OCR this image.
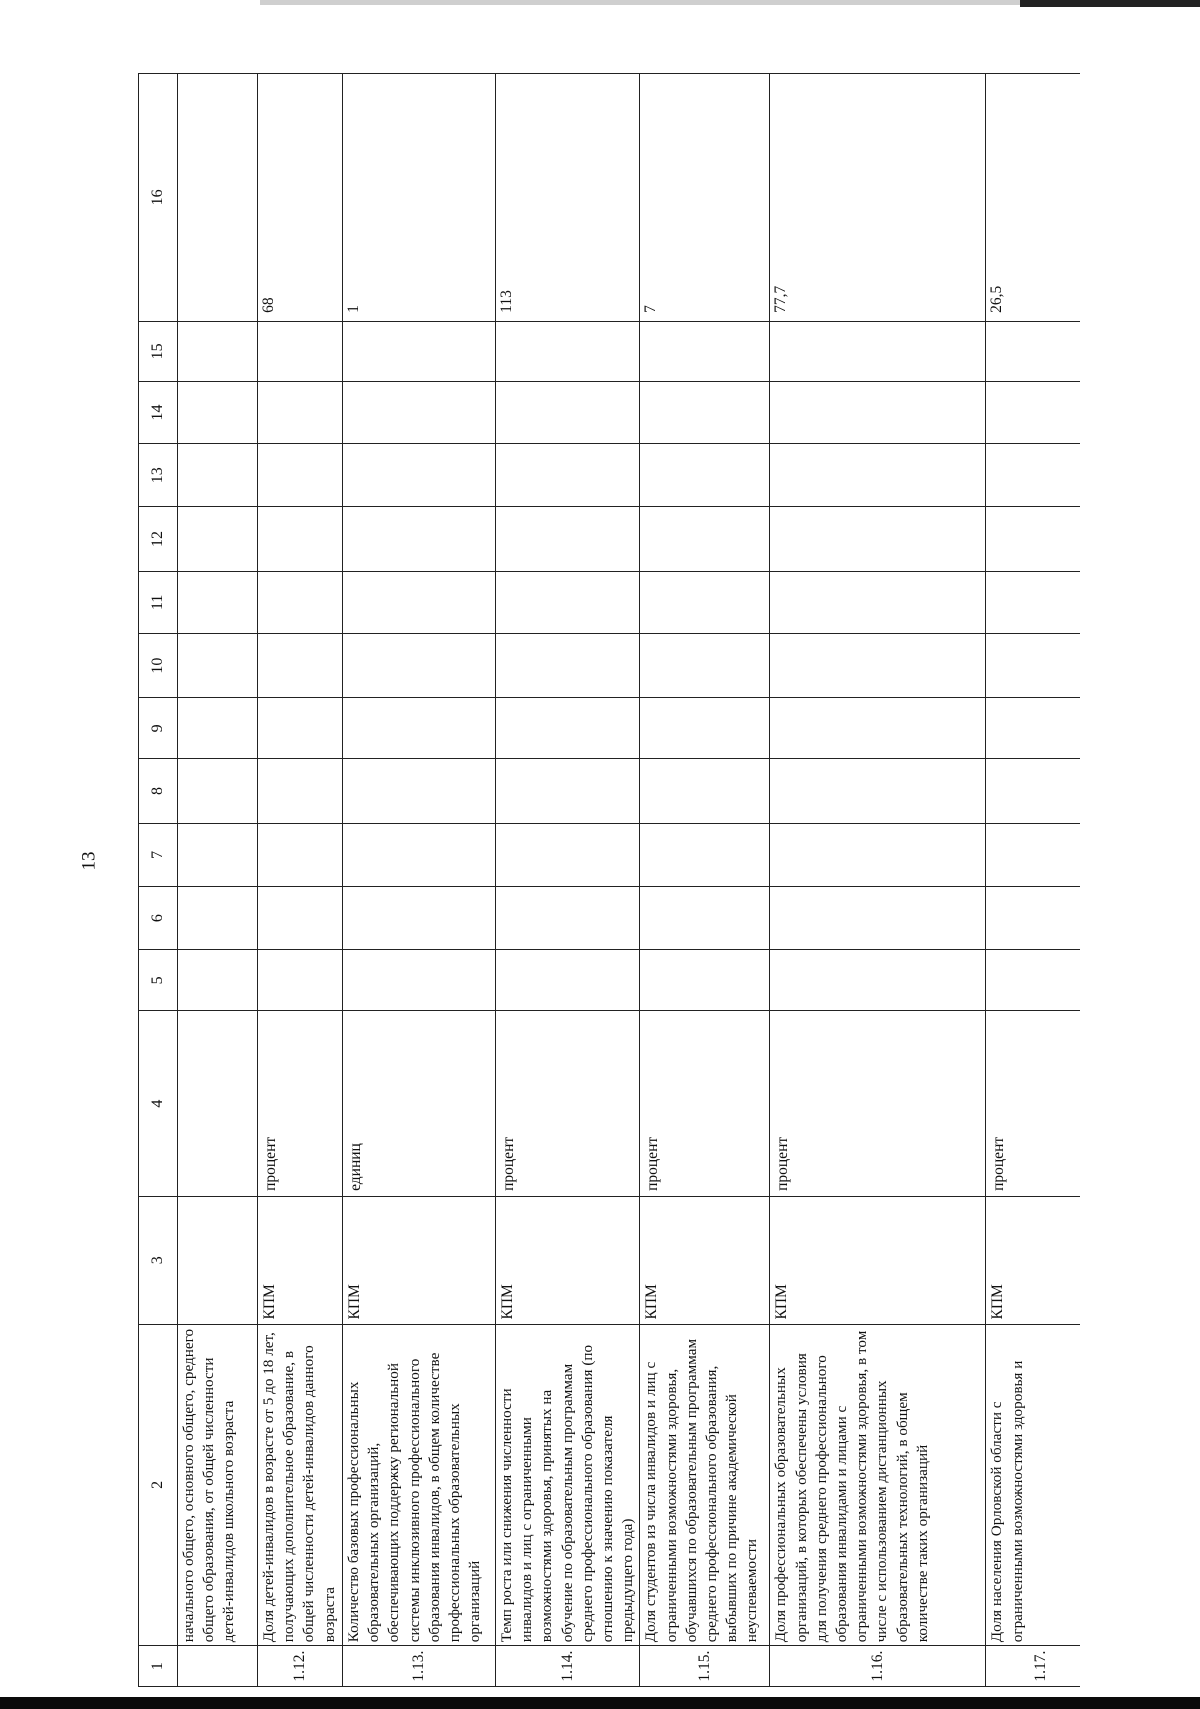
13
1	2	3	4	5	6	7	8	9	10	11	12	13	14	15	16
	начального общего, основного общего, среднего общего образования, от общей численности детей-инвалидов школьного возраста														
1.12.	Доля детей-инвалидов в возрасте от 5 до 18 лет, получающих дополнительное образование, в общей численности детей-инвалидов данного возраста	КПМ	процент												68
1.13.	Количество базовых профессиональных образовательных организаций, обеспечивающих поддержку региональной системы инклюзивного профессионального образования инвалидов, в общем количестве профессиональных образовательных организаций	КПМ	единиц												1
1.14.	Темп роста или снижения численности инвалидов и лиц с ограниченными возможностями здоровья, принятых на обучение по образовательным программам среднего профессионального образования (по отношению к значению показателя предыдущего года)	КПМ	процент												113
1.15.	Доля студентов из числа инвалидов и лиц с ограниченными возможностями здоровья, обучавшихся по образовательным программам среднего профессионального образования, выбывших по причине академической неуспеваемости	КПМ	процент												7
1.16.	Доля профессиональных образовательных организаций, в которых обеспечены условия для получения среднего профессионального образования инвалидами и лицами с ограниченными возможностями здоровья, в том числе с использованием дистанционных образовательных технологий, в общем количестве таких организаций	КПМ	процент												77,7
1.17.	Доля населения Орловской области с ограниченными возможностями здоровья и	КПМ	процент												26,5
